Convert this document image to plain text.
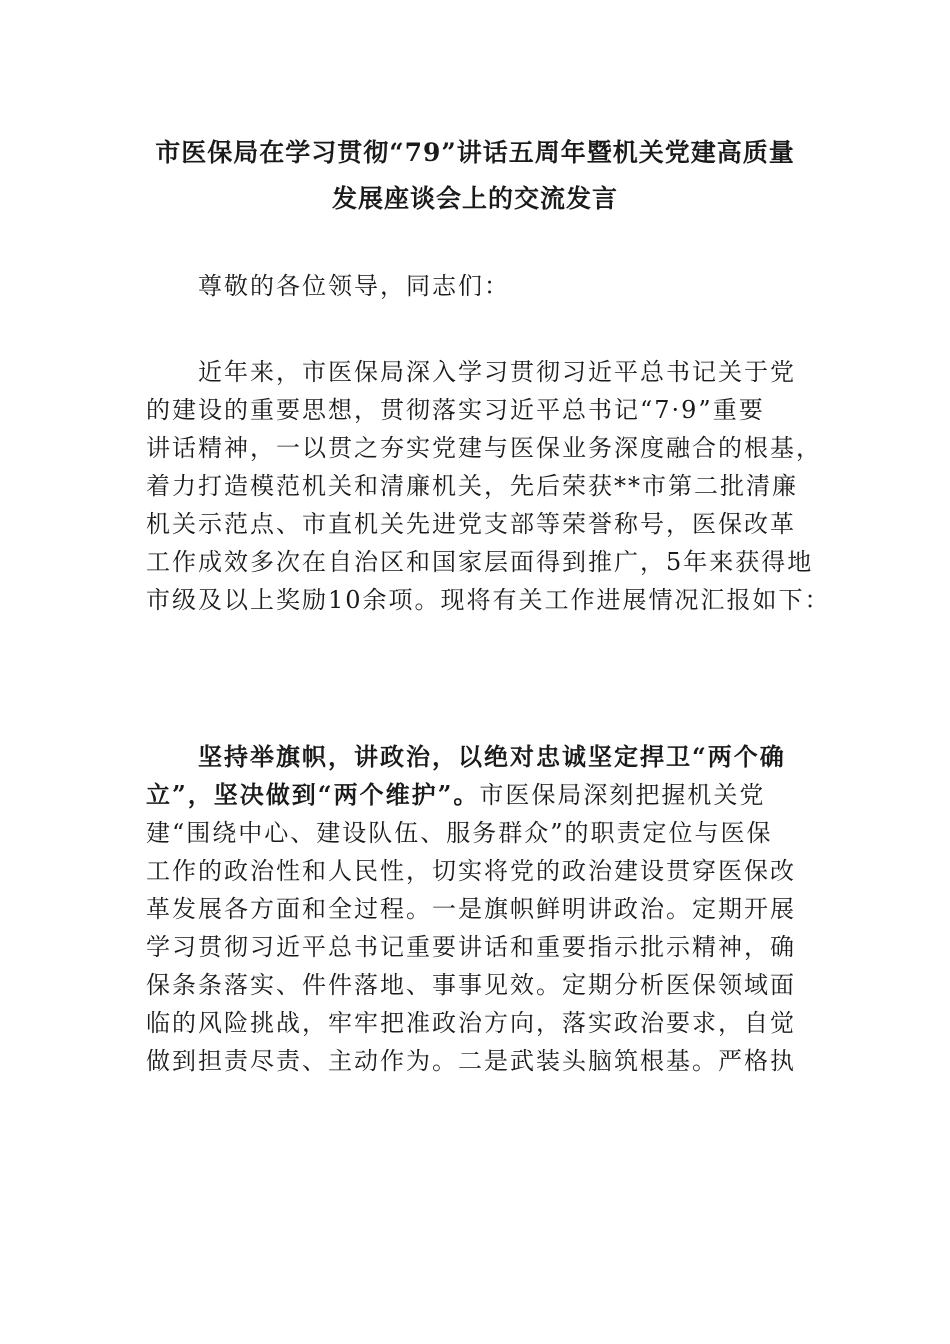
市医保局在学习贯彻“79”讲话五周年暨机关党建高质量
发展座谈会上的交流发言
尊敬的各位领导，同志们：
近年来，市医保局深入学习贯彻习近平总书记关于党
的建设的重要思想，贯彻落实习近平总书记“7·9”重要
讲话精神，一以贯之夯实党建与医保业务深度融合的根基，
着力打造模范机关和清廉机关，先后荣获**市第二批清廉
机关示范点、市直机关先进党支部等荣誉称号，医保改革
工作成效多次在自治区和国家层面得到推广，5年来获得地
市级及以上奖励10余项。现将有关工作进展情况汇报如下：
坚持举旗帜，讲政治，以绝对忠诚坚定捍卫“两个确
立”，坚决做到“两个维护”。市医保局深刻把握机关党
建“围绕中心、建设队伍、服务群众”的职责定位与医保
工作的政治性和人民性，切实将党的政治建设贯穿医保改
革发展各方面和全过程。一是旗帜鲜明讲政治。定期开展
学习贯彻习近平总书记重要讲话和重要指示批示精神，确
保条条落实、件件落地、事事见效。定期分析医保领域面
临的风险挑战，牢牢把准政治方向，落实政治要求，自觉
做到担责尽责、主动作为。二是武装头脑筑根基。严格执
